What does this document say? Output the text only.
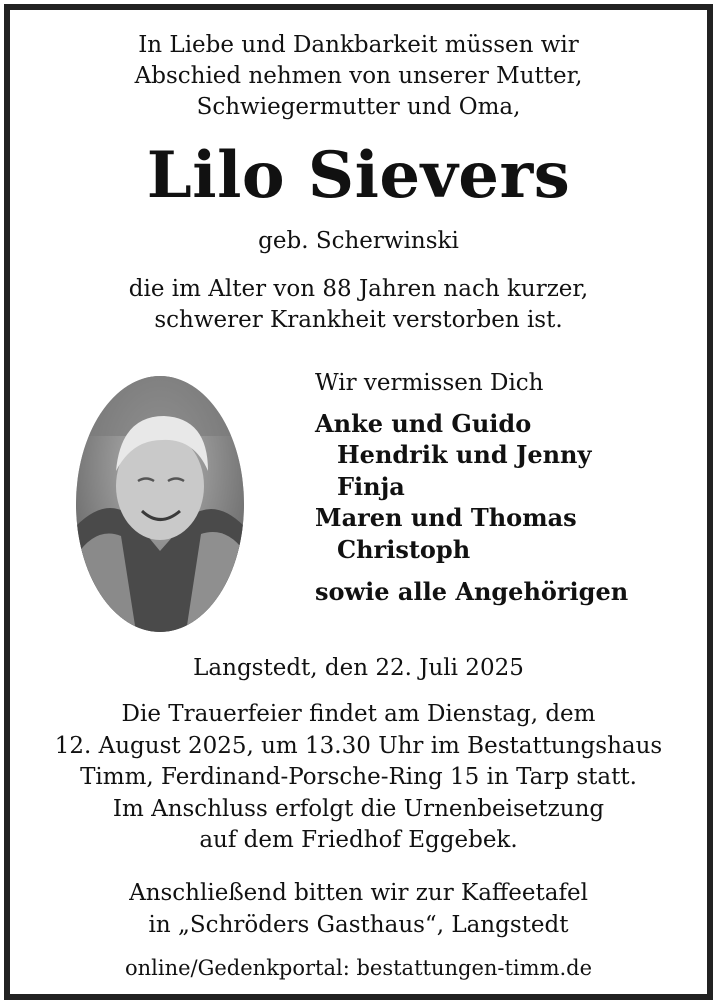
In Liebe und Dankbarkeit müssen wir
Abschied nehmen von unserer Mutter,
Schwiegermutter und Oma,
Lilo Sievers
geb. Scherwinski
die im Alter von 88 Jahren nach kurzer,
schwerer Krankheit verstorben ist.
Wir vermissen Dich
Anke und Guido
Hendrik und Jenny
Finja
Maren und Thomas
Christoph
sowie alle Angehörigen
Langstedt, den 22. Juli 2025
Die Trauerfeier findet am Dienstag, dem
12. August 2025, um 13.30 Uhr im Bestattungshaus
Timm, Ferdinand-Porsche-Ring 15 in Tarp statt.
Im Anschluss erfolgt die Urnenbeisetzung
auf dem Friedhof Eggebek.
Anschließend bitten wir zur Kaffeetafel
in „Schröders Gasthaus“, Langstedt
online/Gedenkportal: bestattungen-timm.de
